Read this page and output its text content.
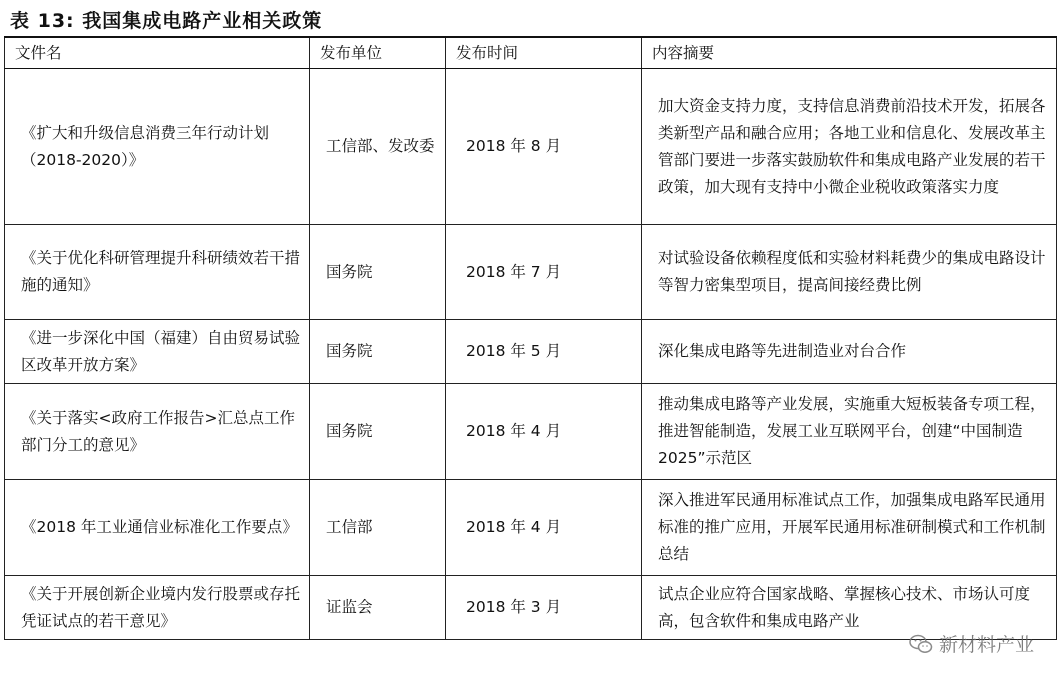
表 13: 我国集成电路产业相关政策
文件名	发布单位	发布时间	内容摘要
《扩大和升级信息消费三年行动计划（2018-2020）》	工信部、发改委	2018 年 8 月	加大资金支持力度，支持信息消费前沿技术开发，拓展各类新型产品和融合应用；各地工业和信息化、发展改革主管部门要进一步落实鼓励软件和集成电路产业发展的若干政策，加大现有支持中小微企业税收政策落实力度
《关于优化科研管理提升科研绩效若干措施的通知》	国务院	2018 年 7 月	对试验设备依赖程度低和实验材料耗费少的集成电路设计等智力密集型项目，提高间接经费比例
《进一步深化中国（福建）自由贸易试验区改革开放方案》	国务院	2018 年 5 月	深化集成电路等先进制造业对台合作
《关于落实<政府工作报告>汇总点工作部门分工的意见》	国务院	2018 年 4 月	推动集成电路等产业发展，实施重大短板装备专项工程，推进智能制造，发展工业互联网平台，创建“中国制造 2025”示范区
《2018 年工业通信业标准化工作要点》	工信部	2018 年 4 月	深入推进军民通用标准试点工作，加强集成电路军民通用标准的推广应用，开展军民通用标准研制模式和工作机制总结
《关于开展创新企业境内发行股票或存托凭证试点的若干意见》	证监会	2018 年 3 月	试点企业应符合国家战略、掌握核心技术、市场认可度高，包含软件和集成电路产业
新材料产业
